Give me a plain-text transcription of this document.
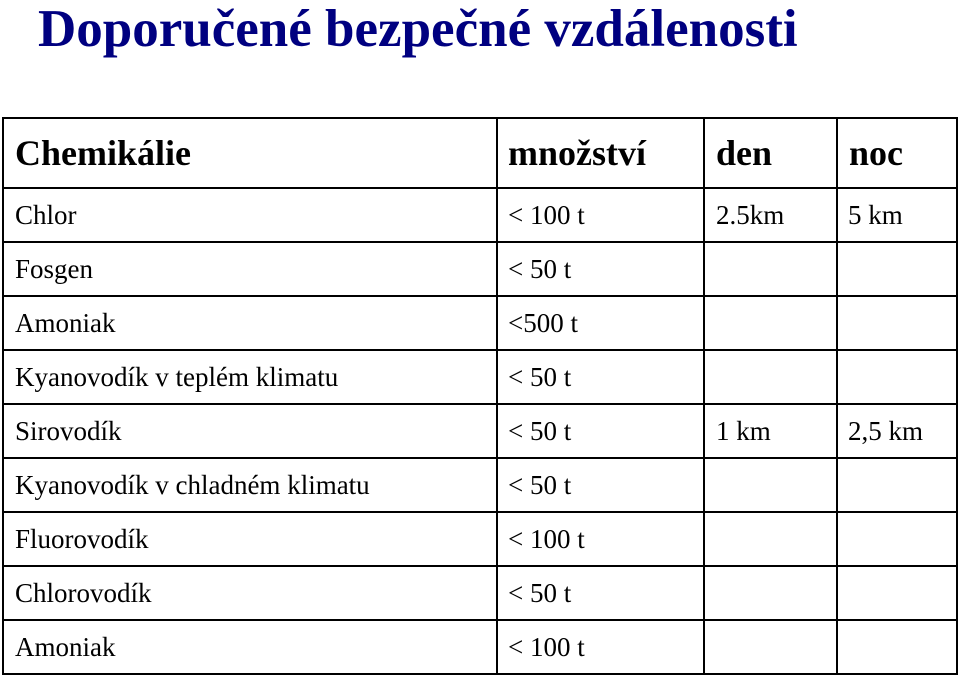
Doporučené bezpečné vzdálenosti
Chemikálie	množství	den	noc
Chlor	< 100 t	2.5km	5 km
Fosgen	< 50 t		
Amoniak	<500 t		
Kyanovodík v teplém klimatu	< 50 t		
Sirovodík	< 50 t	1 km	2,5 km
Kyanovodík v chladném klimatu	< 50 t		
Fluorovodík	< 100 t		
Chlorovodík	< 50 t		
Amoniak	< 100 t		
